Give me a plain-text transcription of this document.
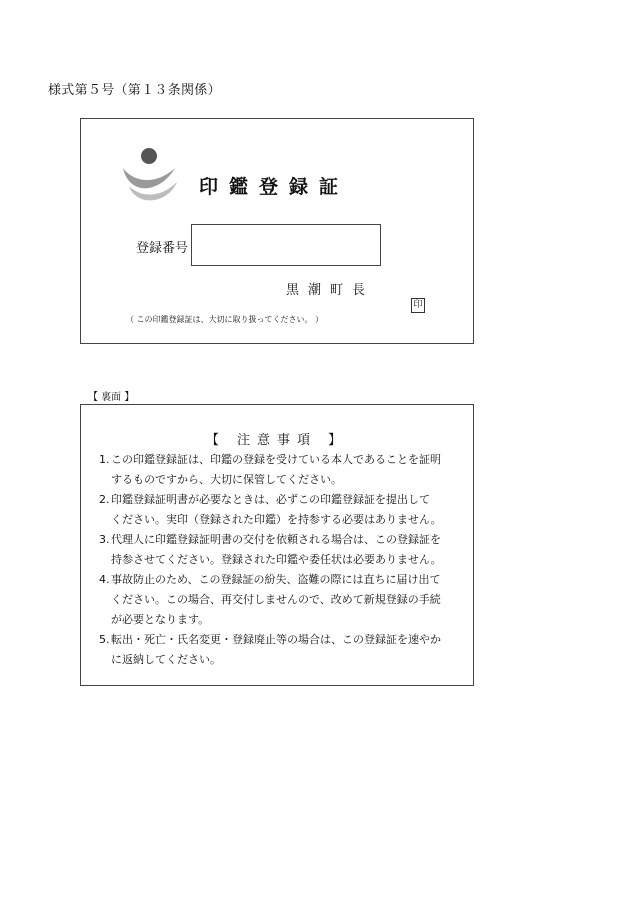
様式第５号（第１３条関係）
印鑑登録証
登録番号
黒潮町長
印
（ この印鑑登録証は、大切に取り扱ってください。 ）
【 裏面 】
【 注意事項 】
1. この印鑑登録証は、印鑑の登録を受けている本人であることを証明
するものですから、大切に保管してください。
2. 印鑑登録証明書が必要なときは、必ずこの印鑑登録証を提出して
ください。実印（登録された印鑑）を持参する必要はありません。
3. 代理人に印鑑登録証明書の交付を依頼される場合は、この登録証を
持参させてください。登録された印鑑や委任状は必要ありません。
4. 事故防止のため、この登録証の紛失、盗難の際には直ちに届け出て
ください。この場合、再交付しませんので、改めて新規登録の手続
が必要となります。
5. 転出・死亡・氏名変更・登録廃止等の場合は、この登録証を速やか
に返納してください。
